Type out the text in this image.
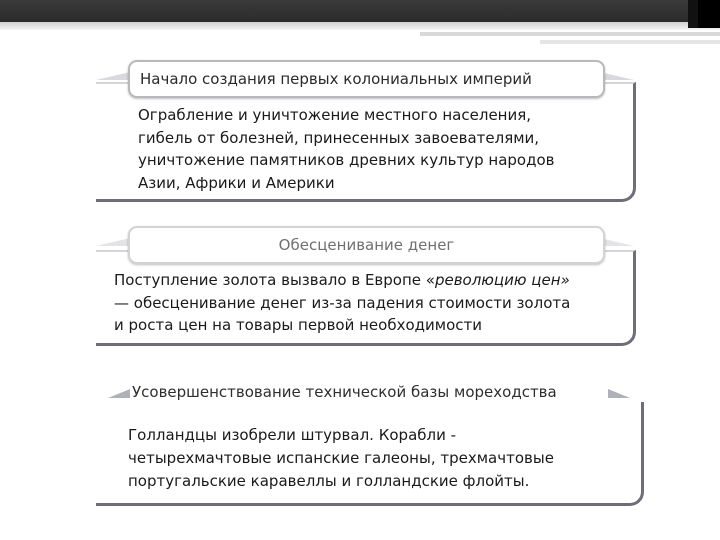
Начало создания первых колониальных империй
Ограбление и уничтожение местного населения,
гибель от болезней, принесенных завоевателями,
уничтожение памятников древних культур народов
Азии, Африки и Америки
Обесценивание денег
Поступление золота вызвало в Европе «революцию цен»
— обесценивание денег из-за падения стоимости золота
и роста цен на товары первой необходимости
Усовершенствование технической базы мореходства
Голландцы изобрели штурвал. Корабли -
четырехмачтовые испанские галеоны, трехмачтовые
португальские каравеллы и голландские флойты.
